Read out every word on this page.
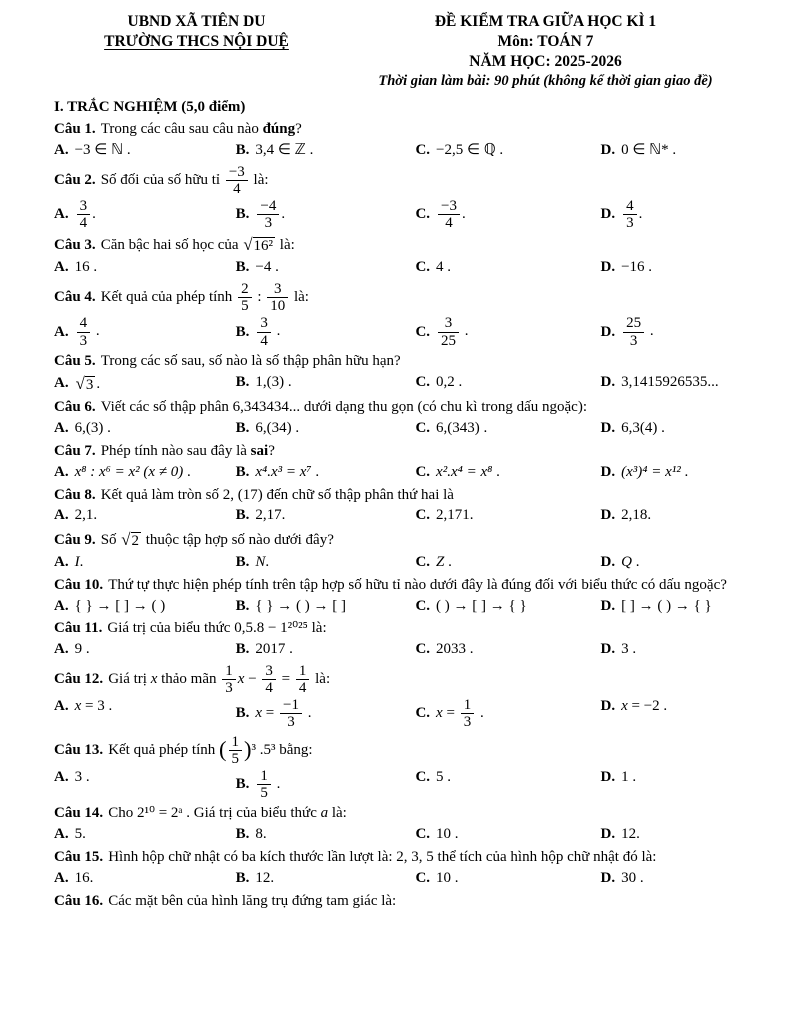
UBND XÃ TIÊN DU
TRƯỜNG THCS NỘI DUỆ
ĐỀ KIỂM TRA GIỮA HỌC KÌ 1
Môn: TOÁN 7
NĂM HỌC: 2025-2026
Thời gian làm bài: 90 phút (không kể thời gian giao đề)
I. TRẮC NGHIỆM (5,0 điểm)
Câu 1. Trong các câu sau câu nào đúng?
A. −3 ∈ ℕ .	B. 3,4 ∈ ℤ .	C. −2,5 ∈ ℚ .	D. 0 ∈ ℕ* .
Câu 2. Số đối của số hữu tỉ $\frac{-3}{4}$ là:
A. $\frac{3}{4}$ .	B. $\frac{-4}{3}$ .	C. $\frac{-3}{4}$ .	D. $\frac{4}{3}$ .
Câu 3. Căn bậc hai số học của √16² là:
A. 16 .	B. −4 .	C. 4 .	D. −16 .
Câu 4. Kết quả của phép tính $\frac{2}{5}$ : $\frac{3}{10}$ là:
A. $\frac{4}{3}$ .	B. $\frac{3}{4}$ .	C. $\frac{3}{25}$ .	D. $\frac{25}{3}$ .
Câu 5. Trong các số sau, số nào là số thập phân hữu hạn?
A. √3 .	B. 1,(3) .	C. 0,2 .	D. 3,1415926535...
Câu 6. Viết các số thập phân 6,343434... dưới dạng thu gọn (có chu kì trong dấu ngoặc):
A. 6,(3) .	B. 6,(34) .	C. 6,(343) .	D. 6,3(4) .
Câu 7. Phép tính nào sau đây là sai?
A. x⁸ : x⁶ = x² (x ≠ 0) .	B. x⁴.x³ = x⁷ .	C. x².x⁴ = x⁸ .	D. (x³)⁴ = x¹² .
Câu 8. Kết quả làm tròn số 2, (17) đến chữ số thập phân thứ hai là
A. 2,1.	B. 2,17.	C. 2,171.	D. 2,18.
Câu 9. Số √2 thuộc tập hợp số nào dưới đây?
A. I.	B. N.	C. Z .	D. Q .
Câu 10. Thứ tự thực hiện phép tính trên tập hợp số hữu tỉ nào dưới đây là đúng đối với biểu thức có dấu ngoặc?
A. { } → [ ] → ( )	B. { } → ( ) → [ ]	C. ( ) → [ ] → { }	D. [ ] → ( ) → { }
Câu 11. Giá trị của biểu thức 0,5.8 − 1²⁰²⁵ là:
A. 9 .	B. 2017 .	C. 2033 .	D. 3 .
Câu 12. Giá trị x thảo mãn $\frac{1}{3}$ $x - \frac{3}{4} = \frac{1}{4}$ là:
A. x = 3 .	B. $x = \frac{-1}{3}$ .	C. $x = \frac{1}{3}$ .	D. x = −2 .
Câu 13. Kết quả phép tính ( $\frac{1}{5} )^3$ .5³ bằng:
A. 3 .	B. $\frac{1}{5}$ .	C. 5 .	D. 1 .
Câu 14. Cho 2¹⁰ = 2ᵃ . Giá trị của biểu thức a là:
A. 5.	B. 8.	C. 10 .	D. 12.
Câu 15. Hình hộp chữ nhật có ba kích thước lần lượt là: 2, 3, 5 thể tích của hình hộp chữ nhật đó là:
A. 16.	B. 12.	C. 10 .	D. 30 .
Câu 16. Các mặt bên của hình lăng trụ đứng tam giác là:
